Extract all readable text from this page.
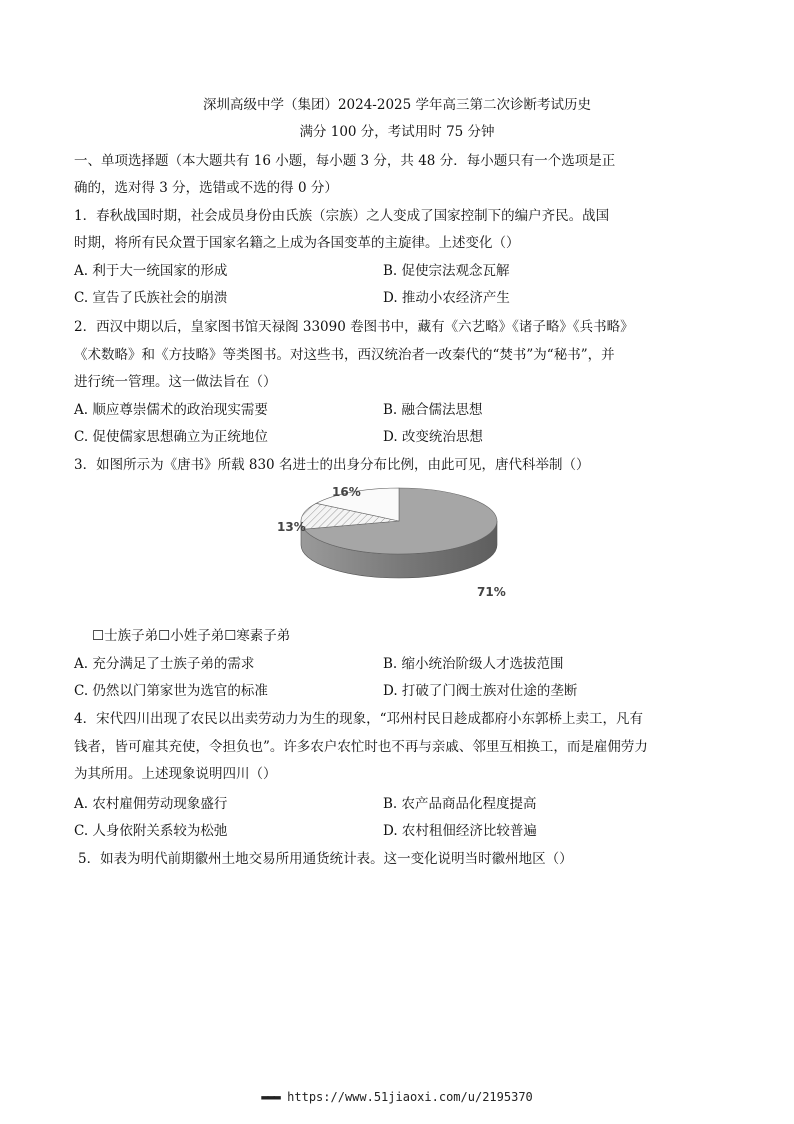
深圳高级中学（集团）2024-2025 学年高三第二次诊断考试历史
满分 100 分，考试用时 75 分钟
一、单项选择题（本大题共有 16 小题，每小题 3 分，共 48 分．每小题只有一个选项是正
确的，选对得 3 分，选错或不选的得 0 分）
1．春秋战国时期，社会成员身份由氏族（宗族）之人变成了国家控制下的编户齐民。战国
时期，将所有民众置于国家名籍之上成为各国变革的主旋律。上述变化（）
A. 利于大一统国家的形成	B. 促使宗法观念瓦解
C. 宣告了氏族社会的崩溃	D. 推动小农经济产生
2．西汉中期以后，皇家图书馆天禄阁 33090 卷图书中，藏有《六艺略》《诸子略》《兵书略》
《术数略》和《方技略》等类图书。对这些书，西汉统治者一改秦代的“焚书”为“秘书”，并
进行统一管理。这一做法旨在（）
A. 顺应尊崇儒术的政治现实需要	B. 融合儒法思想
C. 促使儒家思想确立为正统地位	D. 改变统治思想
3．如图所示为《唐书》所载 830 名进士的出身分布比例，由此可见，唐代科举制（）
71%
13%
16%
☐士族子弟☐小姓子弟☐寒素子弟
A. 充分满足了士族子弟的需求	B. 缩小统治阶级人才选拔范围
C. 仍然以门第家世为选官的标准	D. 打破了门阀士族对仕途的垄断
4．宋代四川出现了农民以出卖劳动力为生的现象，“邛州村民日趁成都府小东郭桥上卖工，凡有
钱者，皆可雇其充使，令担负也”。许多农户农忙时也不再与亲戚、邻里互相换工，而是雇佣劳力
为其所用。上述现象说明四川（）
A. 农村雇佣劳动现象盛行	B. 农产品商品化程度提高
C. 人身依附关系较为松弛	D. 农村租佃经济比较普遍
5．如表为明代前期徽州土地交易所用通货统计表。这一变化说明当时徽州地区（）
▬▬▬ https://www.51jiaoxi.com/u/2195370
